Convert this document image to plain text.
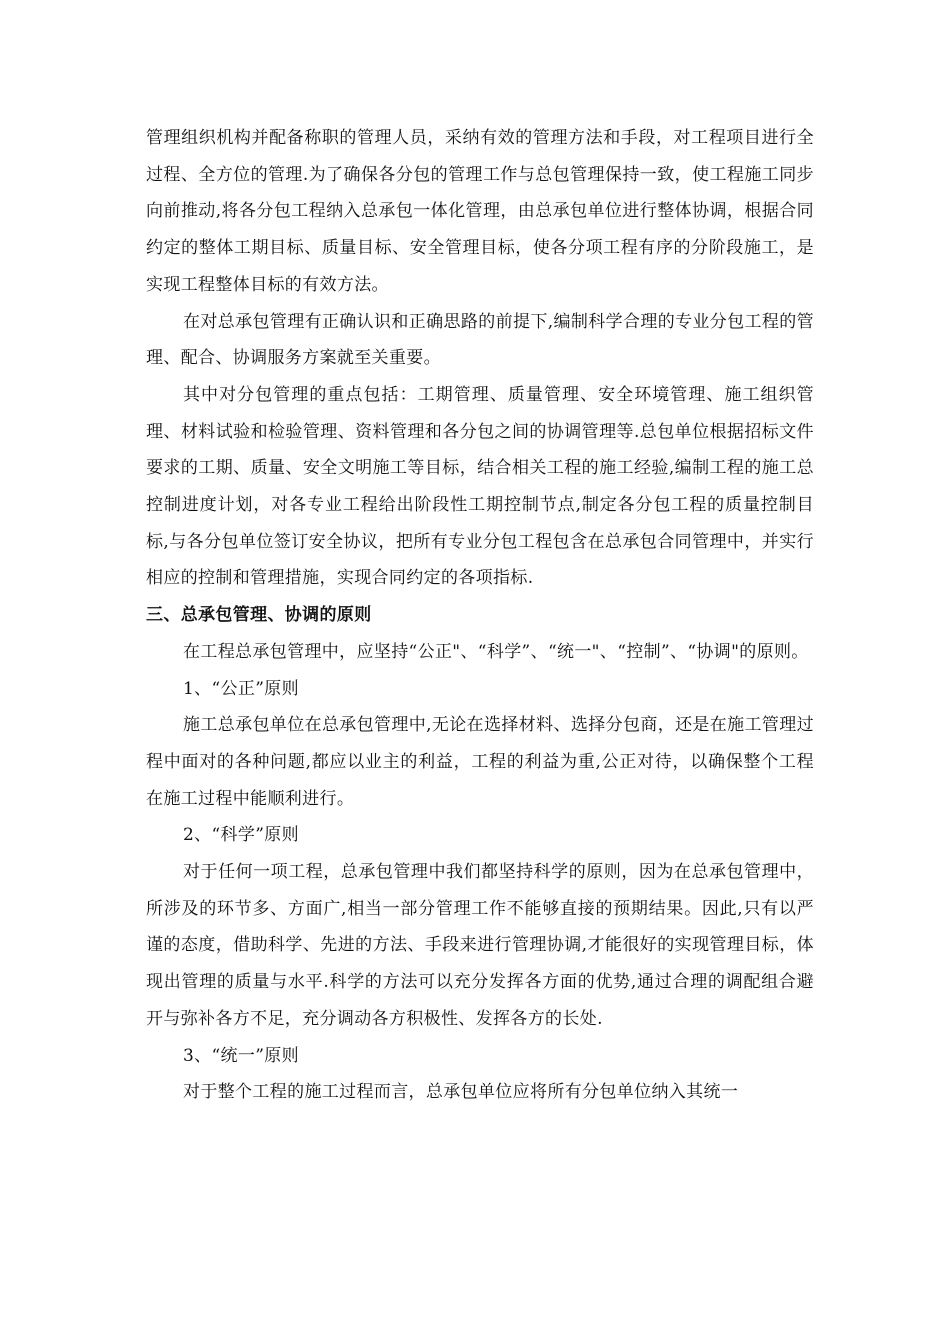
管理组织机构并配备称职的管理人员，采纳有效的管理方法和手段，对工程项目进行全过程、全方位的管理.为了确保各分包的管理工作与总包管理保持一致，使工程施工同步向前推动,将各分包工程纳入总承包一体化管理，由总承包单位进行整体协调，根据合同约定的整体工期目标、质量目标、安全管理目标，使各分项工程有序的分阶段施工，是实现工程整体目标的有效方法。

在对总承包管理有正确认识和正确思路的前提下,编制科学合理的专业分包工程的管理、配合、协调服务方案就至关重要。

其中对分包管理的重点包括：工期管理、质量管理、安全环境管理、施工组织管理、材料试验和检验管理、资料管理和各分包之间的协调管理等.总包单位根据招标文件要求的工期、质量、安全文明施工等目标，结合相关工程的施工经验,编制工程的施工总控制进度计划，对各专业工程给出阶段性工期控制节点,制定各分包工程的质量控制目标,与各分包单位签订安全协议，把所有专业分包工程包含在总承包合同管理中，并实行相应的控制和管理措施，实现合同约定的各项指标.

三、总承包管理、协调的原则

在工程总承包管理中，应坚持“公正"、“科学”、“统一"、“控制”、“协调"的原则。

1、“公正”原则

施工总承包单位在总承包管理中,无论在选择材料、选择分包商，还是在施工管理过程中面对的各种问题,都应以业主的利益，工程的利益为重,公正对待，以确保整个工程在施工过程中能顺利进行。

2、“科学”原则

对于任何一项工程，总承包管理中我们都坚持科学的原则，因为在总承包管理中，所涉及的环节多、方面广,相当一部分管理工作不能够直接的预期结果。因此,只有以严谨的态度，借助科学、先进的方法、手段来进行管理协调,才能很好的实现管理目标，体现出管理的质量与水平.科学的方法可以充分发挥各方面的优势,通过合理的调配组合避开与弥补各方不足，充分调动各方积极性、发挥各方的长处.

3、“统一”原则

对于整个工程的施工过程而言，总承包单位应将所有分包单位纳入其统一
